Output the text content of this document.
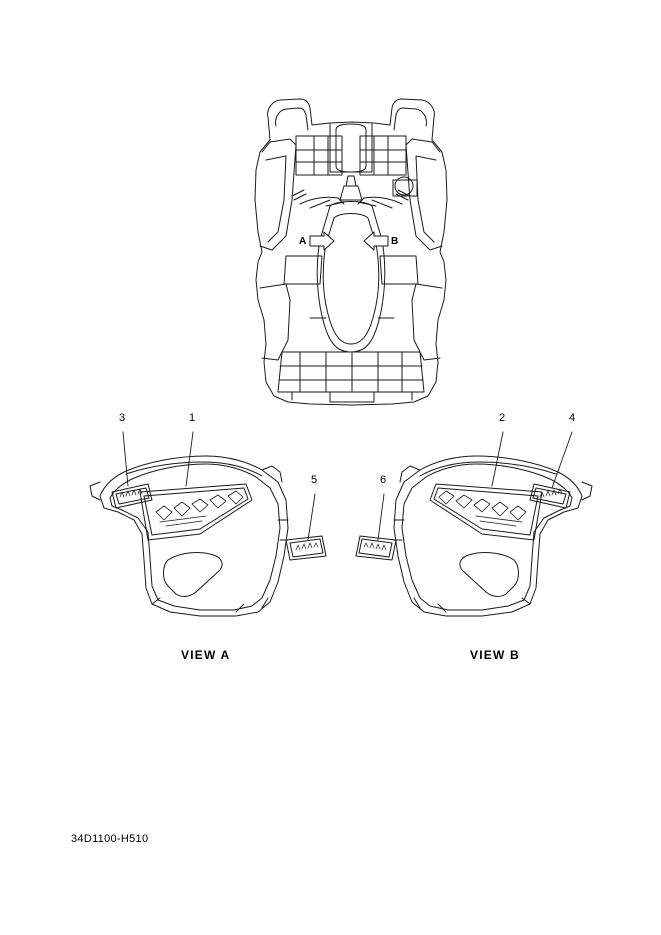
3	1
5	6
2	4
A	B
VIEW A	VIEW B
34D1100-H510
